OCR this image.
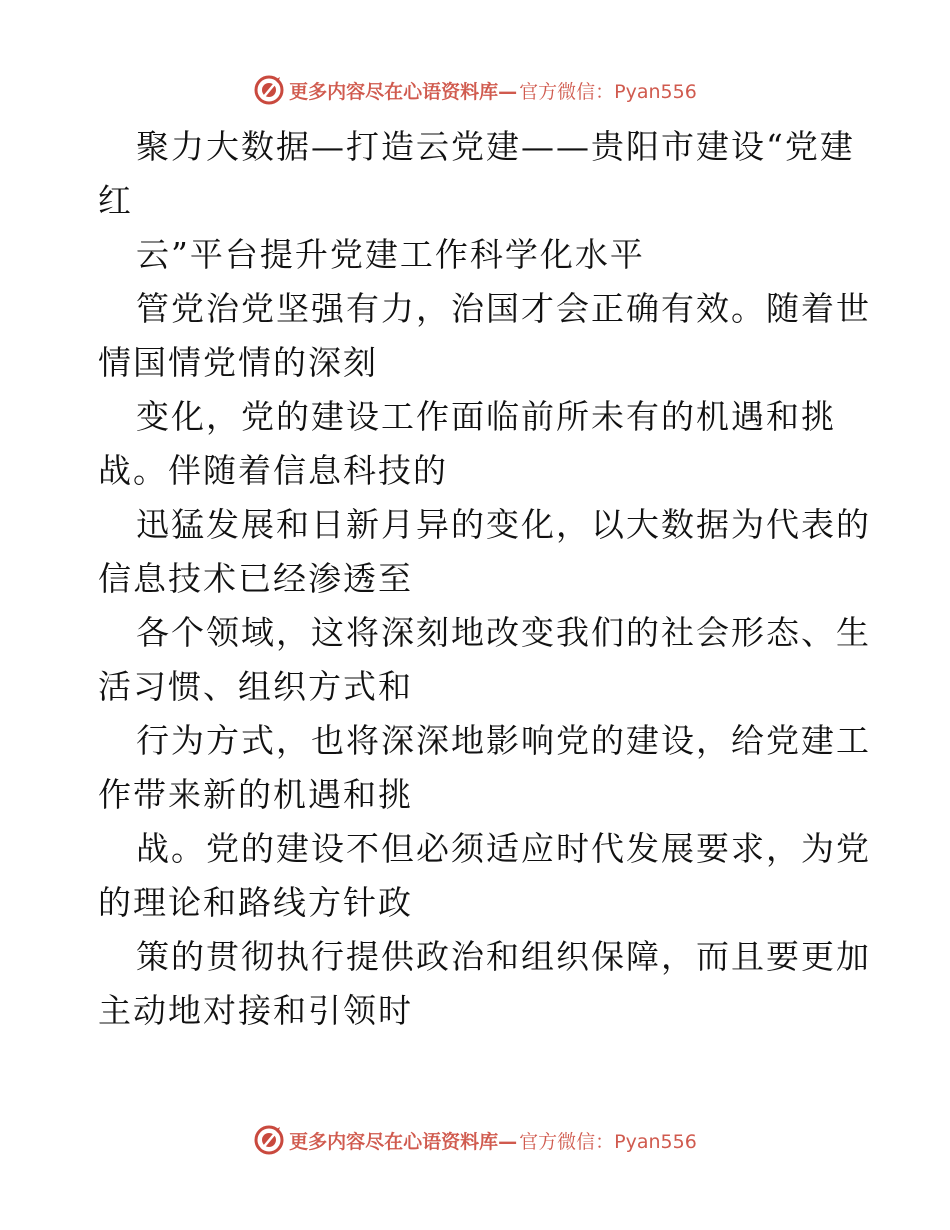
更多内容尽在心语资料库— 官方微信：Pyan556
聚力大数据—打造云党建——贵阳市建设“党建
红
云”平台提升党建工作科学化水平
管党治党坚强有力，治国才会正确有效。随着世
情国情党情的深刻
变化，党的建设工作面临前所未有的机遇和挑
战。伴随着信息科技的
迅猛发展和日新月异的变化，以大数据为代表的
信息技术已经渗透至
各个领域，这将深刻地改变我们的社会形态、生
活习惯、组织方式和
行为方式，也将深深地影响党的建设，给党建工
作带来新的机遇和挑
战。党的建设不但必须适应时代发展要求，为党
的理论和路线方针政
策的贯彻执行提供政治和组织保障，而且要更加
主动地对接和引领时
更多内容尽在心语资料库— 官方微信：Pyan556
